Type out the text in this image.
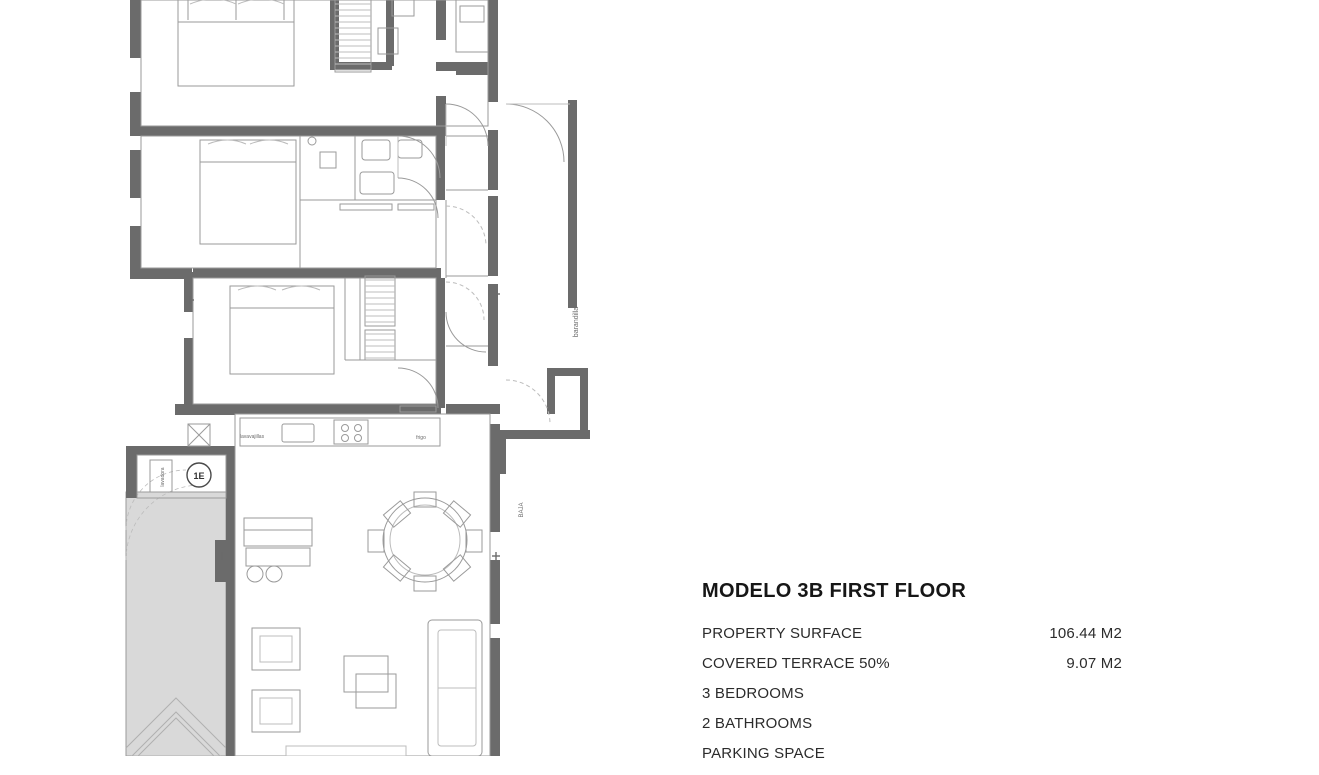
1E
barandilla
lavavajillas	frigo
lavadora
BAJA
MODELO 3B FIRST FLOOR
PROPERTY SURFACE	106.44 M2
COVERED TERRACE 50%	9.07 M2
3 BEDROOMS
2 BATHROOMS
PARKING SPACE
